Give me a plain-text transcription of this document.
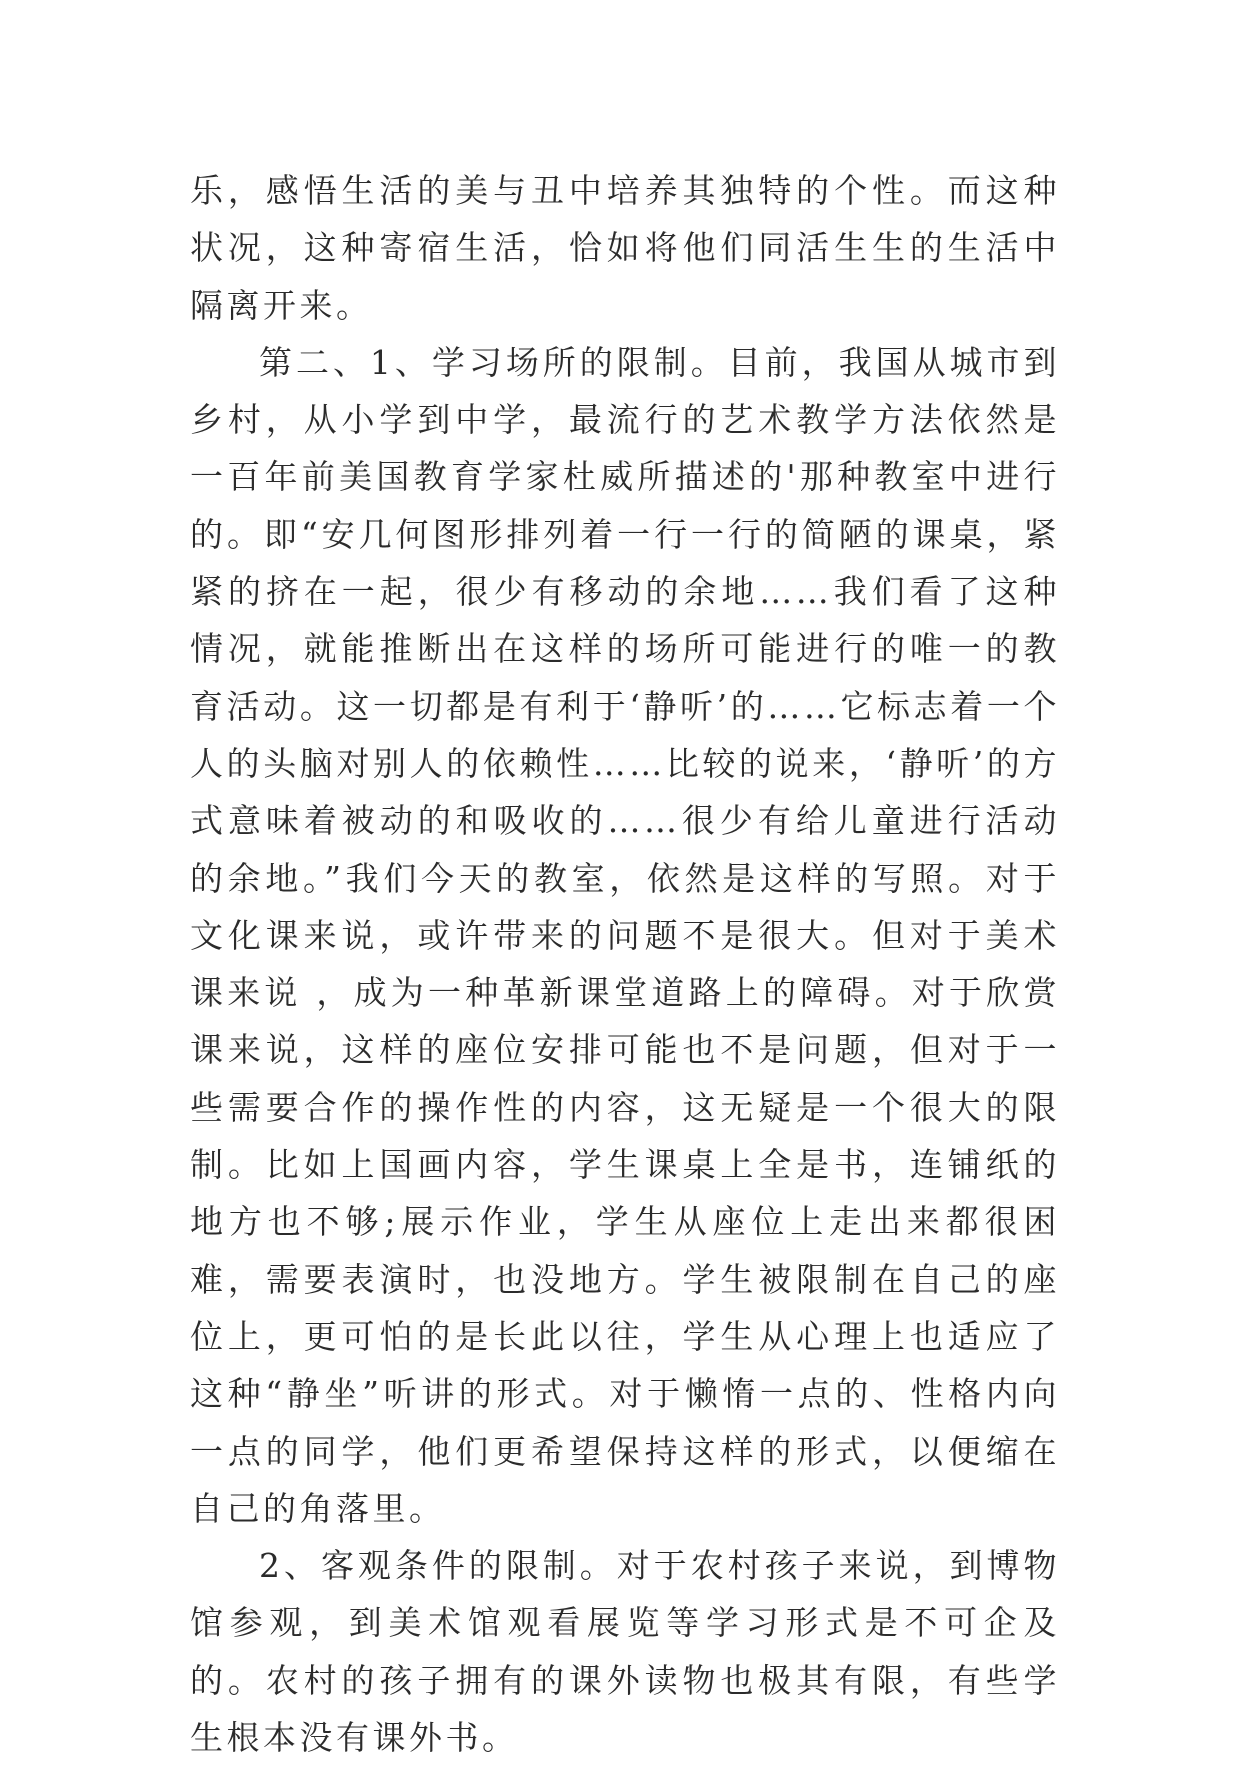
乐，感悟生活的美与丑中培养其独特的个性。而这种状况，这种寄宿生活，恰如将他们同活生生的生活中隔离开来。

第二、1、学习场所的限制。目前，我国从城市到乡村，从小学到中学，最流行的艺术教学方法依然是一百年前美国教育学家杜威所描述的'那种教室中进行的。即“安几何图形排列着一行一行的简陋的课桌，紧紧的挤在一起，很少有移动的余地……我们看了这种情况，就能推断出在这样的场所可能进行的唯一的教育活动。这一切都是有利于‘静听’的……它标志着一个人的头脑对别人的依赖性……比较的说来，‘静听’的方式意味着被动的和吸收的……很少有给儿童进行活动的余地。”我们今天的教室，依然是这样的写照。对于文化课来说，或许带来的问题不是很大。但对于美术课来说 ，成为一种革新课堂道路上的障碍。对于欣赏课来说，这样的座位安排可能也不是问题，但对于一些需要合作的操作性的内容，这无疑是一个很大的限制。比如上国画内容，学生课桌上全是书，连铺纸的地方也不够;展示作业，学生从座位上走出来都很困难，需要表演时，也没地方。学生被限制在自己的座位上，更可怕的是长此以往，学生从心理上也适应了这种“静坐”听讲的形式。对于懒惰一点的、性格内向一点的同学，他们更希望保持这样的形式，以便缩在自己的角落里。

2、客观条件的限制。对于农村孩子来说，到博物馆参观，到美术馆观看展览等学习形式是不可企及的。农村的孩子拥有的课外读物也极其有限，有些学生根本没有课外书。
